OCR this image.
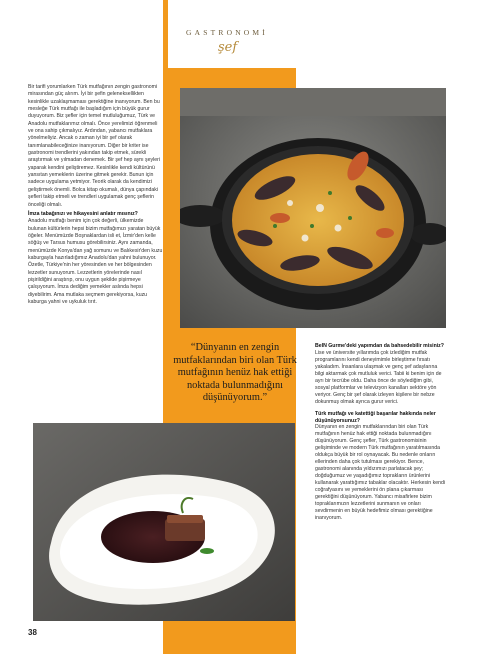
GASTRONOMİ
şef

Bir tarifi yorumlarken Türk mutfağının zengin gastronomi mirasından güç alırım. İyi bir şefin geleneksellikten kesinlikle uzaklaşmaması gerektiğine inanıyorum. Ben bu mesleğe Türk mutfağı ile başladığım için büyük gurur duyuyorum. Biz şefler için temel mutluluğumuz, Türk ve Anadolu mutfaklarımız olmalı. Önce yerelimizi öğrenmeli ve ona sahip çıkmalıyız. Ardından, yabancı mutfaklara yönelmeliyiz. Ancak o zaman iyi bir şef olarak tanımlanabileceğinize inanıyorum. Diğer bir kriter ise gastronomi trendlerini yakından takip etmek, sürekli araştırmak ve yılmadan denemek. Bir şef hep aynı şeyleri yaparak kendini geliştiremez. Kesinlikle kendi kültürünü yansıtan yemeklerin üzerine gitmek gerekir. Bunun için sadece uygulama yetmiyor. Teorik olarak da kendimizi geliştirmek önemli. Bolca kitap okumalı, dünya çapındaki şefleri takip etmeli ve trendleri uygulamak genç şeflerin önceliği olmalı.

İmza tabağınızı ve hikayesini anlatır mısınız?

Anadolu mutfağı benim için çok değerli, ülkemizde bulunan kültürlerin hepsi bizim mutfağımızı yaratan büyük öğeler. Menümüzde Boşnaklardan isli et, İzmir'den kelle söğüş ve Tarsus humusu görebilirsiniz. Aynı zamanda, menümüzde Konya'dan yağ somunu ve Balıkesir'den kuzu kaburgayla hazırladığımız Anadolu'dan yahni bulunuyor. Özetle, Türkiye'nin her yöresinden ve her bölgesinden lezzetler sunuyorum. Lezzetlerin yörelerinde nasıl pişirildiğini araştırıp, onu uygun şekilde pişirmeye çalışıyorum. İmza dediğim yemekler aslında hepsi diyebilirim. Ama mutlaka seçmem gerekiyorsa, kuzu kaburga yahni ve uykuluk tırıt.

“Dünyanın en zengin mutfaklarından biri olan Türk mutfağının henüz hak ettiği noktada bulunmadığını düşünüyorum.”

BeIN Gurme'deki yapımdan da bahsedebilir misiniz?

Lise ve üniversite yıllarımda çok izlediğim mutfak programlarını kendi deneyimimle birleştirme fırsatı yakaladım. İnsanlara ulaşmak ve genç şef adaylarına bilgi aktarmak çok mutluluk verici. Tabii ki benim için de ayrı bir tecrübe oldu. Daha önce de söylediğim gibi, sosyal platformlar ve televizyon kanalları sektöre yön veriyor. Genç bir şef olarak izleyen kişilere bir nebze dokunmuş olmak ayrıca gurur verici.

Türk mutfağı ve katettiği başarılar hakkında neler düşünüyorsunuz?

Dünyanın en zengin mutfaklarından biri olan Türk mutfağının henüz hak ettiği noktada bulunmadığını düşünüyorum. Genç şefler, Türk gastronomisinin gelişiminde ve modern Türk mutfağının yaratılmasında oldukça büyük bir rol oynayacak. Bu nedenle onların ellerinden daha çok tutulması gerekiyor. Bence, gastronomi alanında yıldızımızı parlatacak şey; doğduğumuz ve yaşadığımız toprakların ürünlerini kullanarak yarattığımız tabaklar olacaktır. Herkesin kendi coğrafyasını ve yemeklerini ön plana çıkarması gerektiğini düşünüyorum. Yabancı misafirlere bizim topraklarımızın lezzetlerini sunmanın ve onları sevdirmenin en büyük hedefimiz olması gerektiğine inanıyorum.

38
